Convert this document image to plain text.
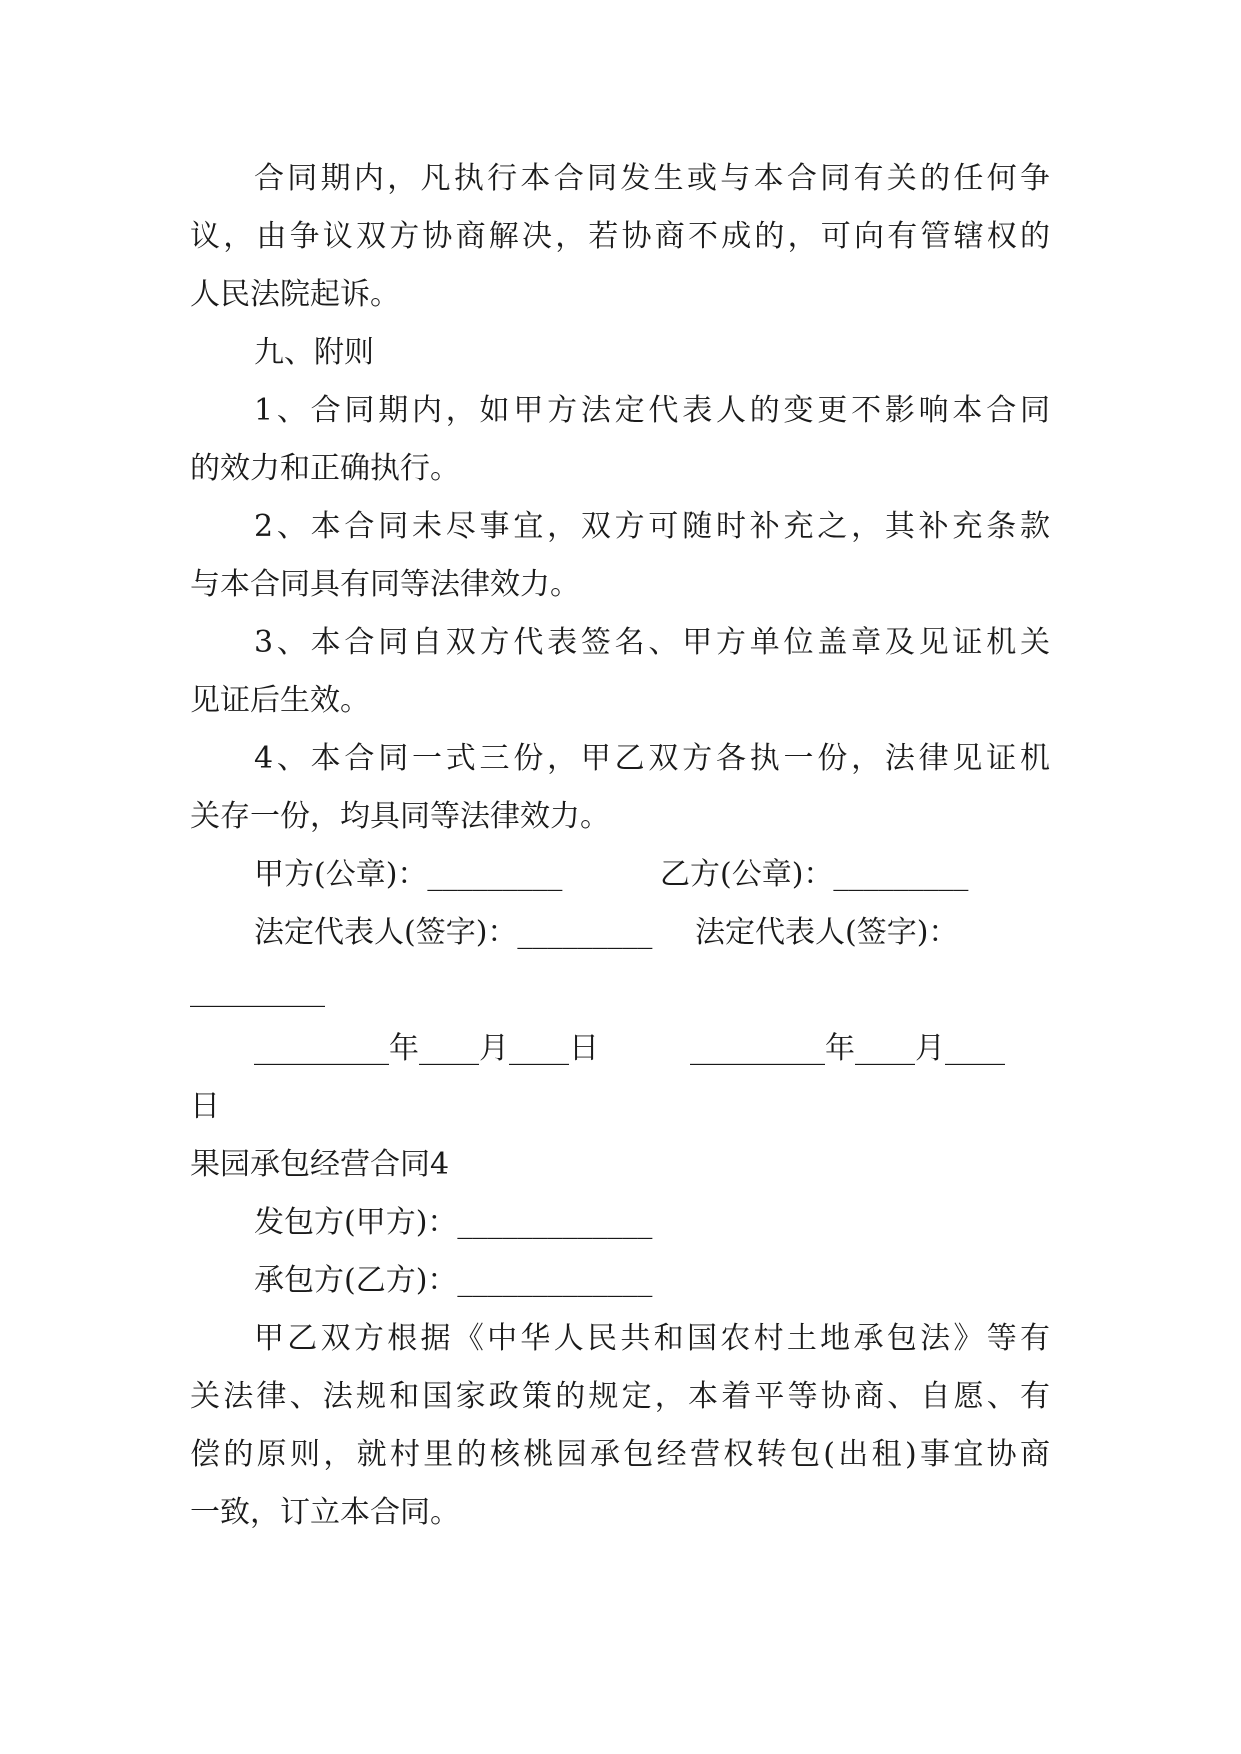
合同期内，凡执行本合同发生或与本合同有关的任何争
议，由争议双方协商解决，若协商不成的，可向有管辖权的
人民法院起诉。
九、附则
1、合同期内，如甲方法定代表人的变更不影响本合同
的效力和正确执行。
2、本合同未尽事宜，双方可随时补充之，其补充条款
与本合同具有同等法律效力。
3、本合同自双方代表签名、甲方单位盖章及见证机关
见证后生效。
4、本合同一式三份，甲乙双方各执一份，法律见证机
关存一份，均具同等法律效力。
甲方(公章)：_________	乙方(公章)：_________
法定代表人(签字)：_________	法定代表人(签字)：
_________
_________年____月____日	_________年____月____
日
果园承包经营合同4
发包方(甲方)：_____________
承包方(乙方)：_____________
甲乙双方根据《中华人民共和国农村土地承包法》等有
关法律、法规和国家政策的规定，本着平等协商、自愿、有
偿的原则，就村里的核桃园承包经营权转包(出租)事宜协商
一致，订立本合同。
